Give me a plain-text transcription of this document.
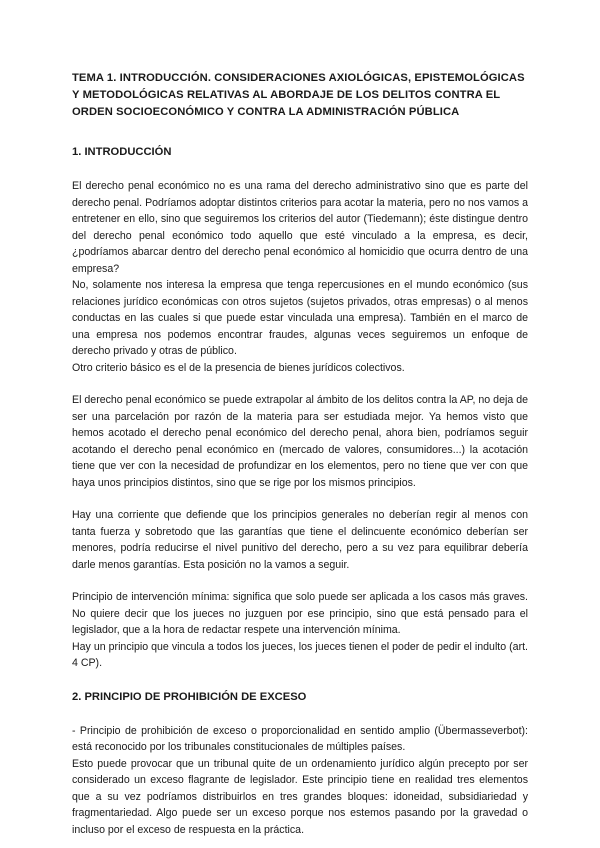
TEMA 1. INTRODUCCIÓN. CONSIDERACIONES AXIOLÓGICAS, EPISTEMOLÓGICAS Y METODOLÓGICAS RELATIVAS AL ABORDAJE DE LOS DELITOS CONTRA EL ORDEN SOCIOECONÓMICO Y CONTRA LA ADMINISTRACIÓN PÚBLICA
1. INTRODUCCIÓN

El derecho penal económico no es una rama del derecho administrativo sino que es parte del derecho penal. Podríamos adoptar distintos criterios para acotar la materia, pero no nos vamos a entretener en ello, sino que seguiremos los criterios del autor (Tiedemann); éste distingue dentro del derecho penal económico todo aquello que esté vinculado a la empresa, es decir, ¿podríamos abarcar dentro del derecho penal económico al homicidio que ocurra dentro de una empresa?

No, solamente nos interesa la empresa que tenga repercusiones en el mundo económico (sus relaciones jurídico económicas con otros sujetos (sujetos privados, otras empresas) o al menos conductas en las cuales si que puede estar vinculada una empresa). También en el marco de una empresa nos podemos encontrar fraudes, algunas veces seguiremos un enfoque de derecho privado y otras de público.

Otro criterio básico es el de la presencia de bienes jurídicos colectivos.

El derecho penal económico se puede extrapolar al ámbito de los delitos contra la AP, no deja de ser una parcelación por razón de la materia para ser estudiada mejor. Ya hemos visto que hemos acotado el derecho penal económico del derecho penal, ahora bien, podríamos seguir acotando el derecho penal económico en (mercado de valores, consumidores...) la acotación tiene que ver con la necesidad de profundizar en los elementos, pero no tiene que ver con que haya unos principios distintos, sino que se rige por los mismos principios.

Hay una corriente que defiende que los principios generales no deberían regir al menos con tanta fuerza y sobretodo que las garantías que tiene el delincuente económico deberían ser menores, podría reducirse el nivel punitivo del derecho, pero a su vez para equilibrar debería darle menos garantías. Esta posición no la vamos a seguir.

Principio de intervención mínima: significa que solo puede ser aplicada a los casos más graves. No quiere decir que los jueces no juzguen por ese principio, sino que está pensado para el legislador, que a la hora de redactar respete una intervención mínima.

Hay un principio que vincula a todos los jueces, los jueces tienen el poder de pedir el indulto (art. 4 CP).

2. PRINCIPIO DE PROHIBICIÓN DE EXCESO

- Principio de prohibición de exceso o proporcionalidad en sentido amplio (Übermasseverbot): está reconocido por los tribunales constitucionales de múltiples países.

Esto puede provocar que un tribunal quite de un ordenamiento jurídico algún precepto por ser considerado un exceso flagrante de legislador. Este principio tiene en realidad tres elementos que a su vez podríamos distribuirlos en tres grandes bloques: idoneidad, subsidiariedad y fragmentariedad. Algo puede ser un exceso porque nos estemos pasando por la gravedad o incluso por el exceso de respuesta en la práctica.
